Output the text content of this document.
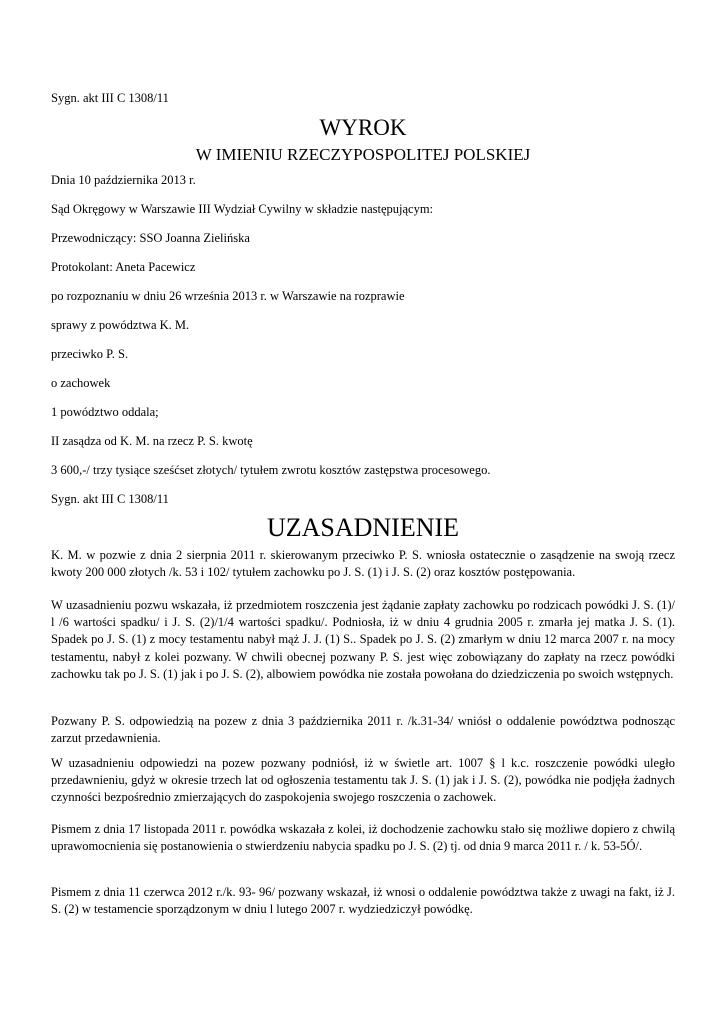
Sygn. akt III C 1308/11
WYROK
W IMIENIU RZECZYPOSPOLITEJ POLSKIEJ
Dnia 10 października 2013 r.
Sąd Okręgowy w Warszawie III Wydział Cywilny w składzie następującym:
Przewodniczący: SSO Joanna Zielińska
Protokolant: Aneta Pacewicz
po rozpoznaniu w dniu 26 września 2013 r. w Warszawie na rozprawie
sprawy z powództwa K. M.
przeciwko P. S.
o zachowek
1 powództwo oddala;
II zasądza od K. M. na rzecz P. S. kwotę
3 600,-/ trzy tysiące sześćset złotych/ tytułem zwrotu kosztów zastępstwa procesowego.
Sygn. akt III C 1308/11
UZASADNIENIE
K. M. w pozwie z dnia 2 sierpnia 2011 r. skierowanym przeciwko P. S. wniosła ostatecznie o zasądzenie na swoją rzecz kwoty 200 000 złotych /k. 53 i 102/ tytułem zachowku po J. S. (1) i J. S. (2) oraz kosztów postępowania.
W uzasadnieniu pozwu wskazała, iż przedmiotem roszczenia jest żądanie zapłaty zachowku po rodzicach powódki J. S. (1)/ l /6 wartości spadku/ i J. S. (2)/1/4 wartości spadku/. Podniosła, iż w dniu 4 grudnia 2005 r. zmarła jej matka J. S. (1). Spadek po J. S. (1) z mocy testamentu nabył mąż J. J. (1) S.. Spadek po J. S. (2) zmarłym w dniu 12 marca 2007 r. na mocy testamentu, nabył z kolei pozwany. W chwili obecnej pozwany P. S. jest więc zobowiązany do zapłaty na rzecz powódki zachowku tak po J. S. (1) jak i po J. S. (2), albowiem powódka nie została powołana do dziedziczenia po swoich wstępnych.
Pozwany P. S. odpowiedzią na pozew z dnia 3 października 2011 r. /k.31-34/ wniósł o oddalenie powództwa podnosząc zarzut przedawnienia.
W uzasadnieniu odpowiedzi na pozew pozwany podniósł, iż w świetle art. 1007 § l k.c. roszczenie powódki uległo przedawnieniu, gdyż w okresie trzech lat od ogłoszenia testamentu tak J. S. (1) jak i J. S. (2), powódka nie podjęła żadnych czynności bezpośrednio zmierzających do zaspokojenia swojego roszczenia o zachowek.
Pismem z dnia 17 listopada 2011 r. powódka wskazała z kolei, iż dochodzenie zachowku stało się możliwe dopiero z chwilą uprawomocnienia się postanowienia o stwierdzeniu nabycia spadku po J. S. (2) tj. od dnia 9 marca 2011 r. / k. 53-5Ó/.
Pismem z dnia 11 czerwca 2012 r./k. 93- 96/ pozwany wskazał, iż wnosi o oddalenie powództwa także z uwagi na fakt, iż J. S. (2) w testamencie sporządzonym w dniu l lutego 2007 r. wydziedziczył powódkę.
